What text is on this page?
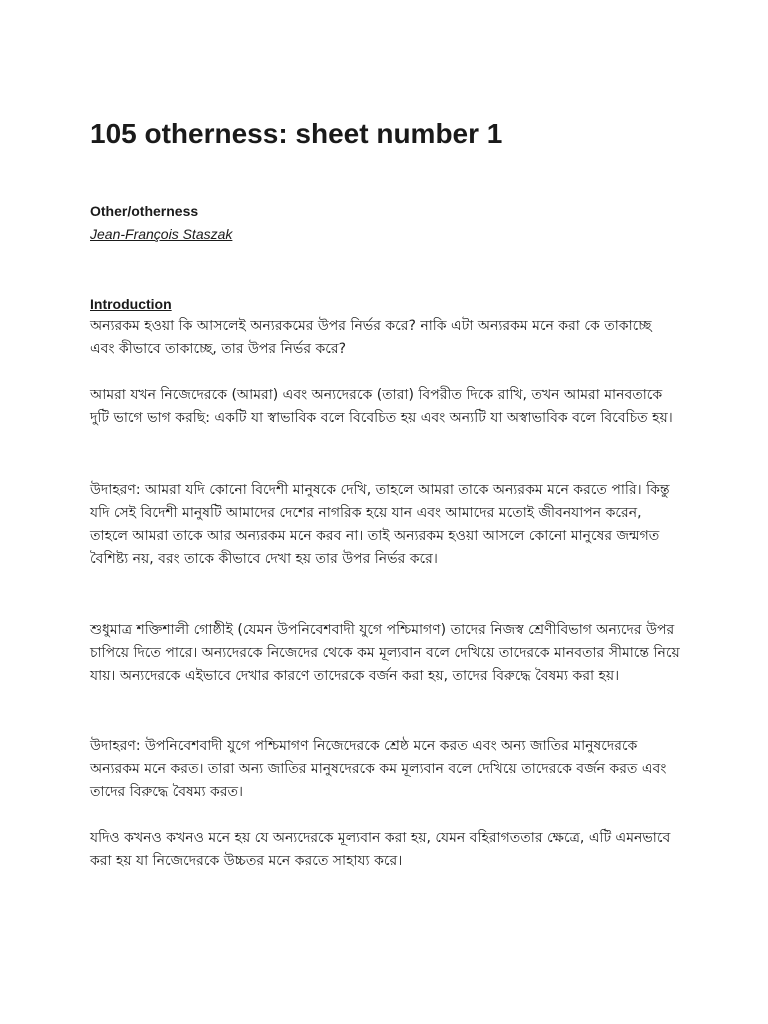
105 otherness: sheet number 1
Other/otherness
Jean-François Staszak
Introduction

অন্যরকম হওয়া কি আসলেই অন্যরকমের উপর নির্ভর করে? নাকি এটা অন্যরকম মনে করা কে তাকাচ্ছে এবং কীভাবে তাকাচ্ছে, তার উপর নির্ভর করে?

আমরা যখন নিজেদেরকে (আমরা) এবং অন্যদেরকে (তারা) বিপরীত দিকে রাখি, তখন আমরা মানবতাকে দুটি ভাগে ভাগ করছি: একটি যা স্বাভাবিক বলে বিবেচিত হয় এবং অন্যটি যা অস্বাভাবিক বলে বিবেচিত হয়।

উদাহরণ: আমরা যদি কোনো বিদেশী মানুষকে দেখি, তাহলে আমরা তাকে অন্যরকম মনে করতে পারি। কিন্তু যদি সেই বিদেশী মানুষটি আমাদের দেশের নাগরিক হয়ে যান এবং আমাদের মতোই জীবনযাপন করেন, তাহলে আমরা তাকে আর অন্যরকম মনে করব না। তাই অন্যরকম হওয়া আসলে কোনো মানুষের জন্মগত বৈশিষ্ট্য নয়, বরং তাকে কীভাবে দেখা হয় তার উপর নির্ভর করে।

শুধুমাত্র শক্তিশালী গোষ্ঠীই (যেমন উপনিবেশবাদী যুগে পশ্চিমাগণ) তাদের নিজস্ব শ্রেণীবিভাগ অন্যদের উপর চাপিয়ে দিতে পারে। অন্যদেরকে নিজেদের থেকে কম মূল্যবান বলে দেখিয়ে তাদেরকে মানবতার সীমান্তে নিয়ে যায়। অন্যদেরকে এইভাবে দেখার কারণে তাদেরকে বর্জন করা হয়, তাদের বিরুদ্ধে বৈষম্য করা হয়।

উদাহরণ: উপনিবেশবাদী যুগে পশ্চিমাগণ নিজেদেরকে শ্রেষ্ঠ মনে করত এবং অন্য জাতির মানুষদেরকে অন্যরকম মনে করত। তারা অন্য জাতির মানুষদেরকে কম মূল্যবান বলে দেখিয়ে তাদেরকে বর্জন করত এবং তাদের বিরুদ্ধে বৈষম্য করত।

যদিও কখনও কখনও মনে হয় যে অন্যদেরকে মূল্যবান করা হয়, যেমন বহিরাগততার ক্ষেত্রে, এটি এমনভাবে করা হয় যা নিজেদেরকে উচ্চতর মনে করতে সাহায্য করে।
